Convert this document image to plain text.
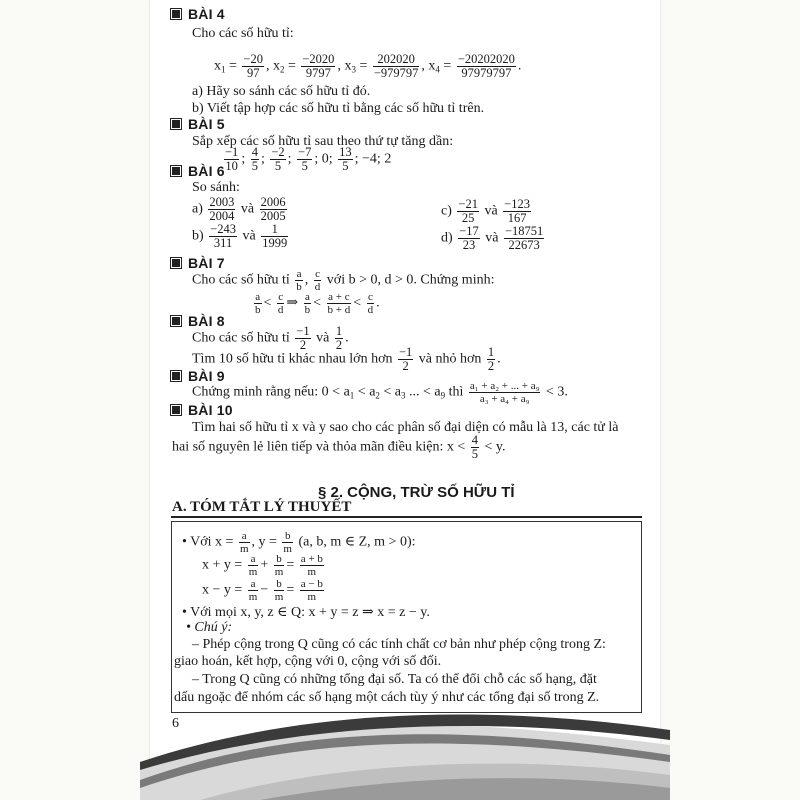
BÀI 4
Cho các số hữu tỉ:
$x_1 = \frac{-20}{97}$ , $x_2 = \frac{-2020}{9797}$ , $x_3 = \frac{202020}{-979797}$ , $x_4 = \frac{-20202020}{97979797}$ .
a) Hãy so sánh các số hữu tỉ đó.
b) Viết tập hợp các số hữu tỉ bằng các số hữu tỉ trên.
BÀI 5
Sắp xếp các số hữu tỉ sau theo thứ tự tăng dần:
$\frac{-1}{10}$ ; $\frac{4}{5}$ ; $\frac{-2}{5}$ ; $\frac{-7}{5}$ ; 0; $\frac{13}{5}$ ; −4; 2
BÀI 6
So sánh:
$a) \frac{2003}{2004}$ và $\frac{2006}{2005}$	$c) \frac{-21}{25}$ và $\frac{-123}{167}$
$b) \frac{-243}{311}$ và $\frac{1}{1999}$	$d) \frac{-17}{23}$ và $\frac{-18751}{22673}$
BÀI 7
Cho các số hữu tỉ $\frac{a}{b}$ , $\frac{c}{d}$ với b > 0, d > 0. Chứng minh:
$\frac{a}{b} < \frac{c}{d}$ ⇒ $\frac{a}{b} < \frac{a + c}{b + d} < \frac{c}{d}$ .
BÀI 8
Cho các số hữu tỉ $\frac{-1}{2}$ và $\frac{1}{2}$ .
Tìm 10 số hữu tỉ khác nhau lớn hơn $\frac{-1}{2}$ và nhỏ hơn $\frac{1}{2}$ .
BÀI 9
Chứng minh rằng nếu: $0 < a_1 < a_2 < a_3$ ... < $a_9$ thì $\frac{\text{a₁ + a₂ + ... + a₉}}{\text{a₃ + a₄ + a₉}} < 3$.
BÀI 10
Tìm hai số hữu tỉ x và y sao cho các phân số đại diện có mẫu là 13, các tử là
hai số nguyên lẻ liên tiếp và thỏa mãn điều kiện: $x < \frac{4}{5} < y$.
§ 2. CỘNG, TRỪ SỐ HỮU TỈ
A. TÓM TẮT LÝ THUYẾT
• Với $x = \frac{a}{m}$ , $y = \frac{b}{m} (a$, b, m ∈ Z, m > 0):
$x + y = \frac{a}{m} + \frac{b}{m} = \frac{a + b}{m}$
$x - y = \frac{a}{m} - \frac{b}{m} = \frac{a - b}{m}$
• Với mọi x, y, z ∈ Q: x + y = z ⇒ x = z − y.
• Chú ý:
– Phép cộng trong Q cũng có các tính chất cơ bản như phép cộng trong Z:
giao hoán, kết hợp, cộng với 0, cộng với số đối.
– Trong Q cũng có những tổng đại số. Ta có thể đổi chỗ các số hạng, đặt
dấu ngoặc để nhóm các số hạng một cách tùy ý như các tổng đại số trong Z.
6
